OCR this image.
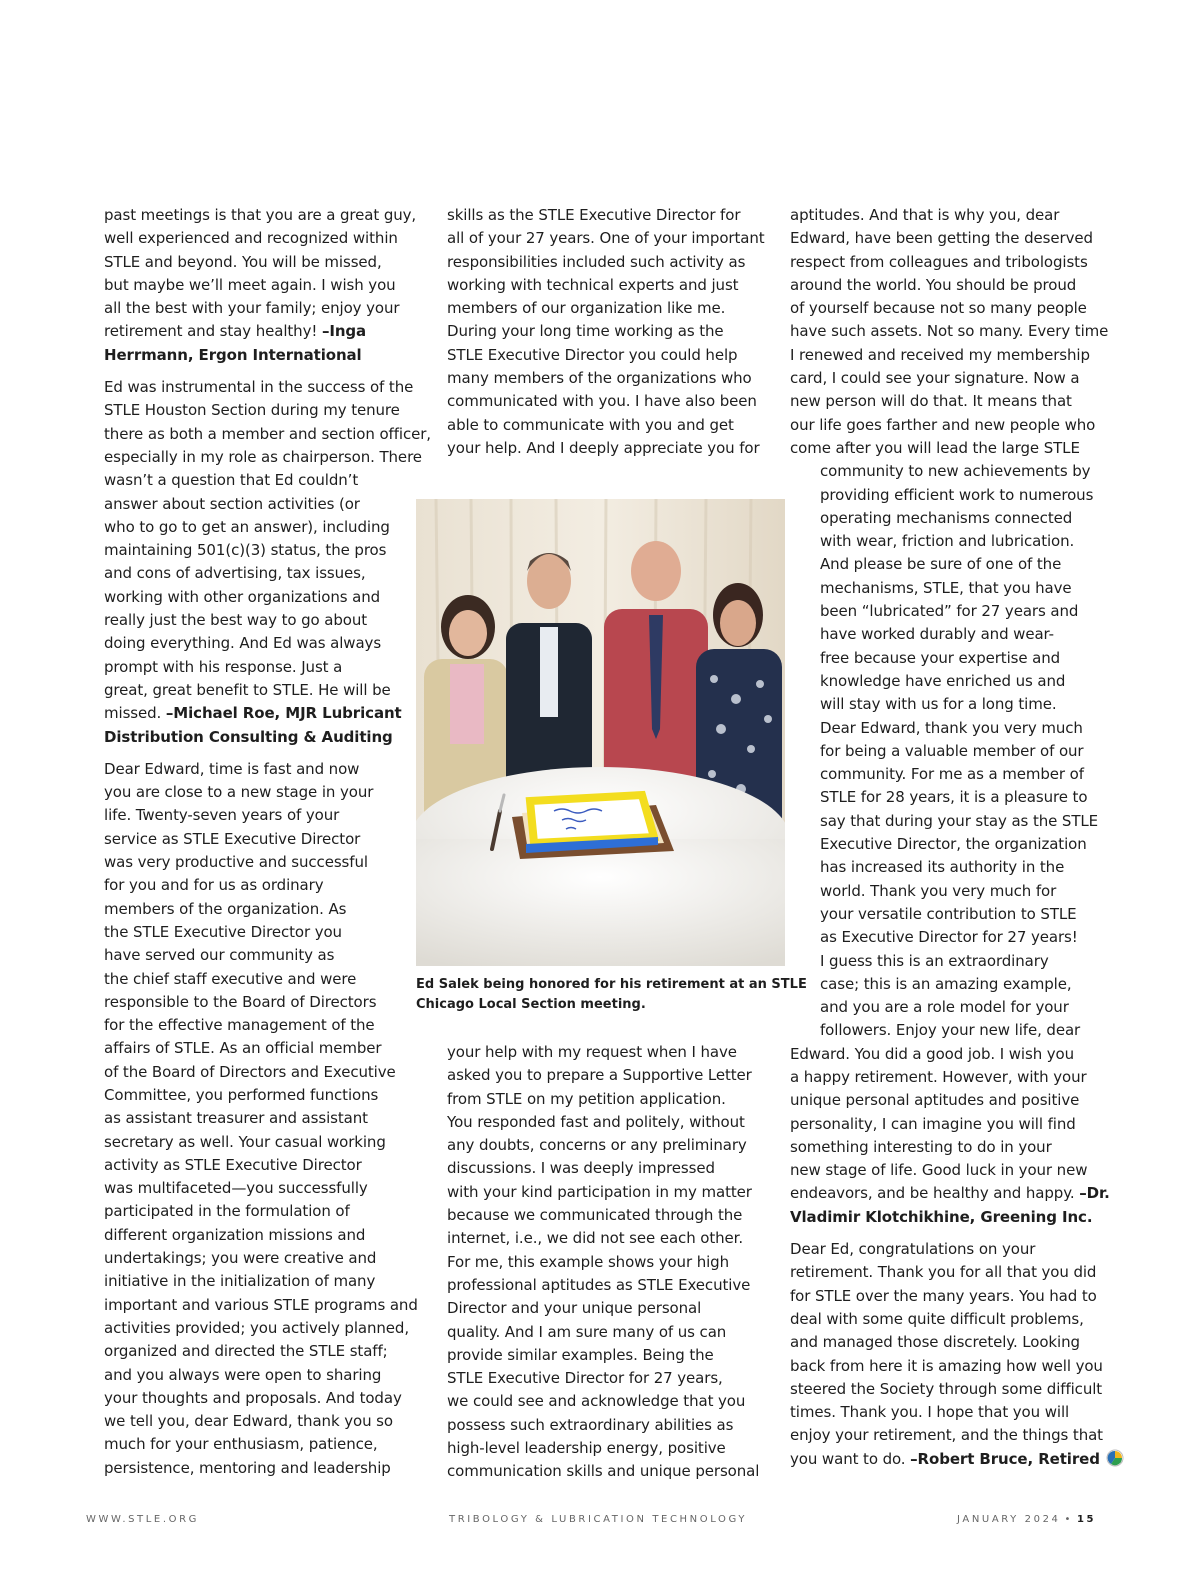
past meetings is that you are a great guy,
well experienced and recognized within
STLE and beyond. You will be missed,
but maybe we’ll meet again. I wish you
all the best with your family; enjoy your
retirement and stay healthy! –Inga
Herrmann, Ergon International
Ed was instrumental in the success of the
STLE Houston Section during my tenure
there as both a member and section officer,
especially in my role as chairperson. There
wasn’t a question that Ed couldn’t
answer about section activities (or
who to go to get an answer), including
maintaining 501(c)(3) status, the pros
and cons of advertising, tax issues,
working with other organizations and
really just the best way to go about
doing everything. And Ed was always
prompt with his response. Just a
great, great benefit to STLE. He will be
missed. –Michael Roe, MJR Lubricant
Distribution Consulting & Auditing
Dear Edward, time is fast and now
you are close to a new stage in your
life. Twenty-seven years of your
service as STLE Executive Director
was very productive and successful
for you and for us as ordinary
members of the organization. As
the STLE Executive Director you
have served our community as
the chief staff executive and were
responsible to the Board of Directors
for the effective management of the
affairs of STLE. As an official member
of the Board of Directors and Executive
Committee, you performed functions
as assistant treasurer and assistant
secretary as well. Your casual working
activity as STLE Executive Director
was multifaceted—you successfully
participated in the formulation of
different organization missions and
undertakings; you were creative and
initiative in the initialization of many
important and various STLE programs and
activities provided; you actively planned,
organized and directed the STLE staff;
and you always were open to sharing
your thoughts and proposals. And today
we tell you, dear Edward, thank you so
much for your enthusiasm, patience,
persistence, mentoring and leadership
skills as the STLE Executive Director for
all of your 27 years. One of your important
responsibilities included such activity as
working with technical experts and just
members of our organization like me.
During your long time working as the
STLE Executive Director you could help
many members of the organizations who
communicated with you. I have also been
able to communicate with you and get
your help. And I deeply appreciate you for
Ed Salek being honored for his retirement at an STLE
Chicago Local Section meeting.
your help with my request when I have
asked you to prepare a Supportive Letter
from STLE on my petition application.
You responded fast and politely, without
any doubts, concerns or any preliminary
discussions. I was deeply impressed
with your kind participation in my matter
because we communicated through the
internet, i.e., we did not see each other.
For me, this example shows your high
professional aptitudes as STLE Executive
Director and your unique personal
quality. And I am sure many of us can
provide similar examples. Being the
STLE Executive Director for 27 years,
we could see and acknowledge that you
possess such extraordinary abilities as
high-level leadership energy, positive
communication skills and unique personal
aptitudes. And that is why you, dear
Edward, have been getting the deserved
respect from colleagues and tribologists
around the world. You should be proud
of yourself because not so many people
have such assets. Not so many. Every time
I renewed and received my membership
card, I could see your signature. Now a
new person will do that. It means that
our life goes farther and new people who
come after you will lead the large STLE
community to new achievements by
providing efficient work to numerous
operating mechanisms connected
with wear, friction and lubrication.
And please be sure of one of the
mechanisms, STLE, that you have
been “lubricated” for 27 years and
have worked durably and wear-
free because your expertise and
knowledge have enriched us and
will stay with us for a long time.
Dear Edward, thank you very much
for being a valuable member of our
community. For me as a member of
STLE for 28 years, it is a pleasure to
say that during your stay as the STLE
Executive Director, the organization
has increased its authority in the
world. Thank you very much for
your versatile contribution to STLE
as Executive Director for 27 years!
I guess this is an extraordinary
case; this is an amazing example,
and you are a role model for your
followers. Enjoy your new life, dear
Edward. You did a good job. I wish you
a happy retirement. However, with your
unique personal aptitudes and positive
personality, I can imagine you will find
something interesting to do in your
new stage of life. Good luck in your new
endeavors, and be healthy and happy. –Dr.
Vladimir Klotchikhine, Greening Inc.
Dear Ed, congratulations on your
retirement. Thank you for all that you did
for STLE over the many years. You had to
deal with some quite difficult problems,
and managed those discretely. Looking
back from here it is amazing how well you
steered the Society through some difficult
times. Thank you. I hope that you will
enjoy your retirement, and the things that
you want to do. –Robert Bruce, Retired
WWW.STLE.ORG	TRIBOLOGY & LUBRICATION TECHNOLOGY	JANUARY 2024 • 15
